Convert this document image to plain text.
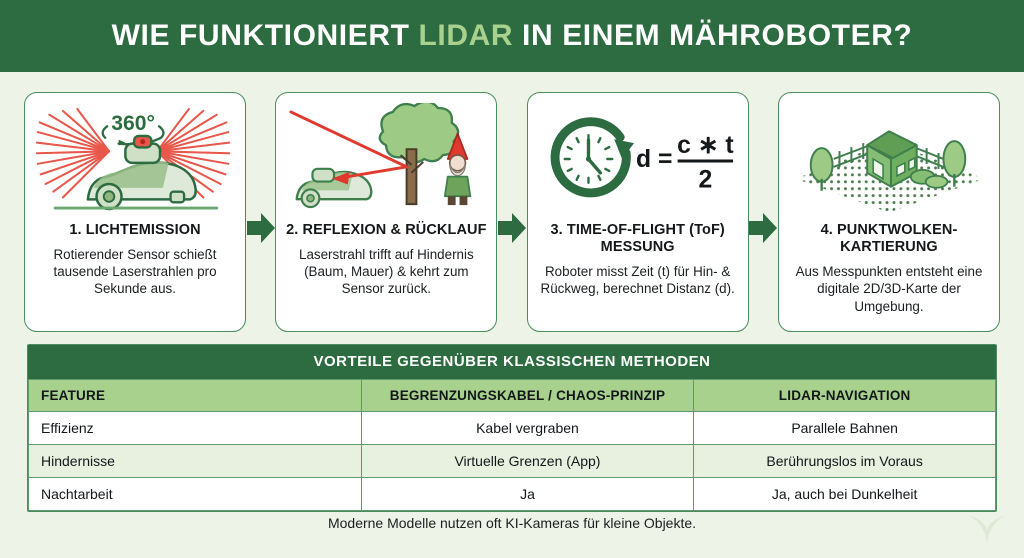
WIE FUNKTIONIERT LIDAR IN EINEM MÄHROBOTER?
360°
1. LICHTEMISSION
Rotierender Sensor schießt tausende Laserstrahlen pro Sekunde aus.
2. REFLEXION & RÜCKLAUF
Laserstrahl trifft auf Hindernis (Baum, Mauer) & kehrt zum Sensor zurück.
d =
c ∗ t
2
3. TIME-OF-FLIGHT (ToF) MESSUNG
Roboter misst Zeit (t) für Hin- & Rückweg, berechnet Distanz (d).
4. PUNKTWOLKEN-KARTIERUNG
Aus Messpunkten entsteht eine digitale 2D/3D-Karte der Umgebung.
VORTEILE GEGENÜBER KLASSISCHEN METHODEN
FEATURE	BEGRENZUNGSKABEL / CHAOS-PRINZIP	LIDAR-NAVIGATION
Effizienz	Kabel vergraben	Parallele Bahnen
Hindernisse	Virtuelle Grenzen (App)	Berührungslos im Voraus
Nachtarbeit	Ja	Ja, auch bei Dunkelheit
Moderne Modelle nutzen oft KI-Kameras für kleine Objekte.
